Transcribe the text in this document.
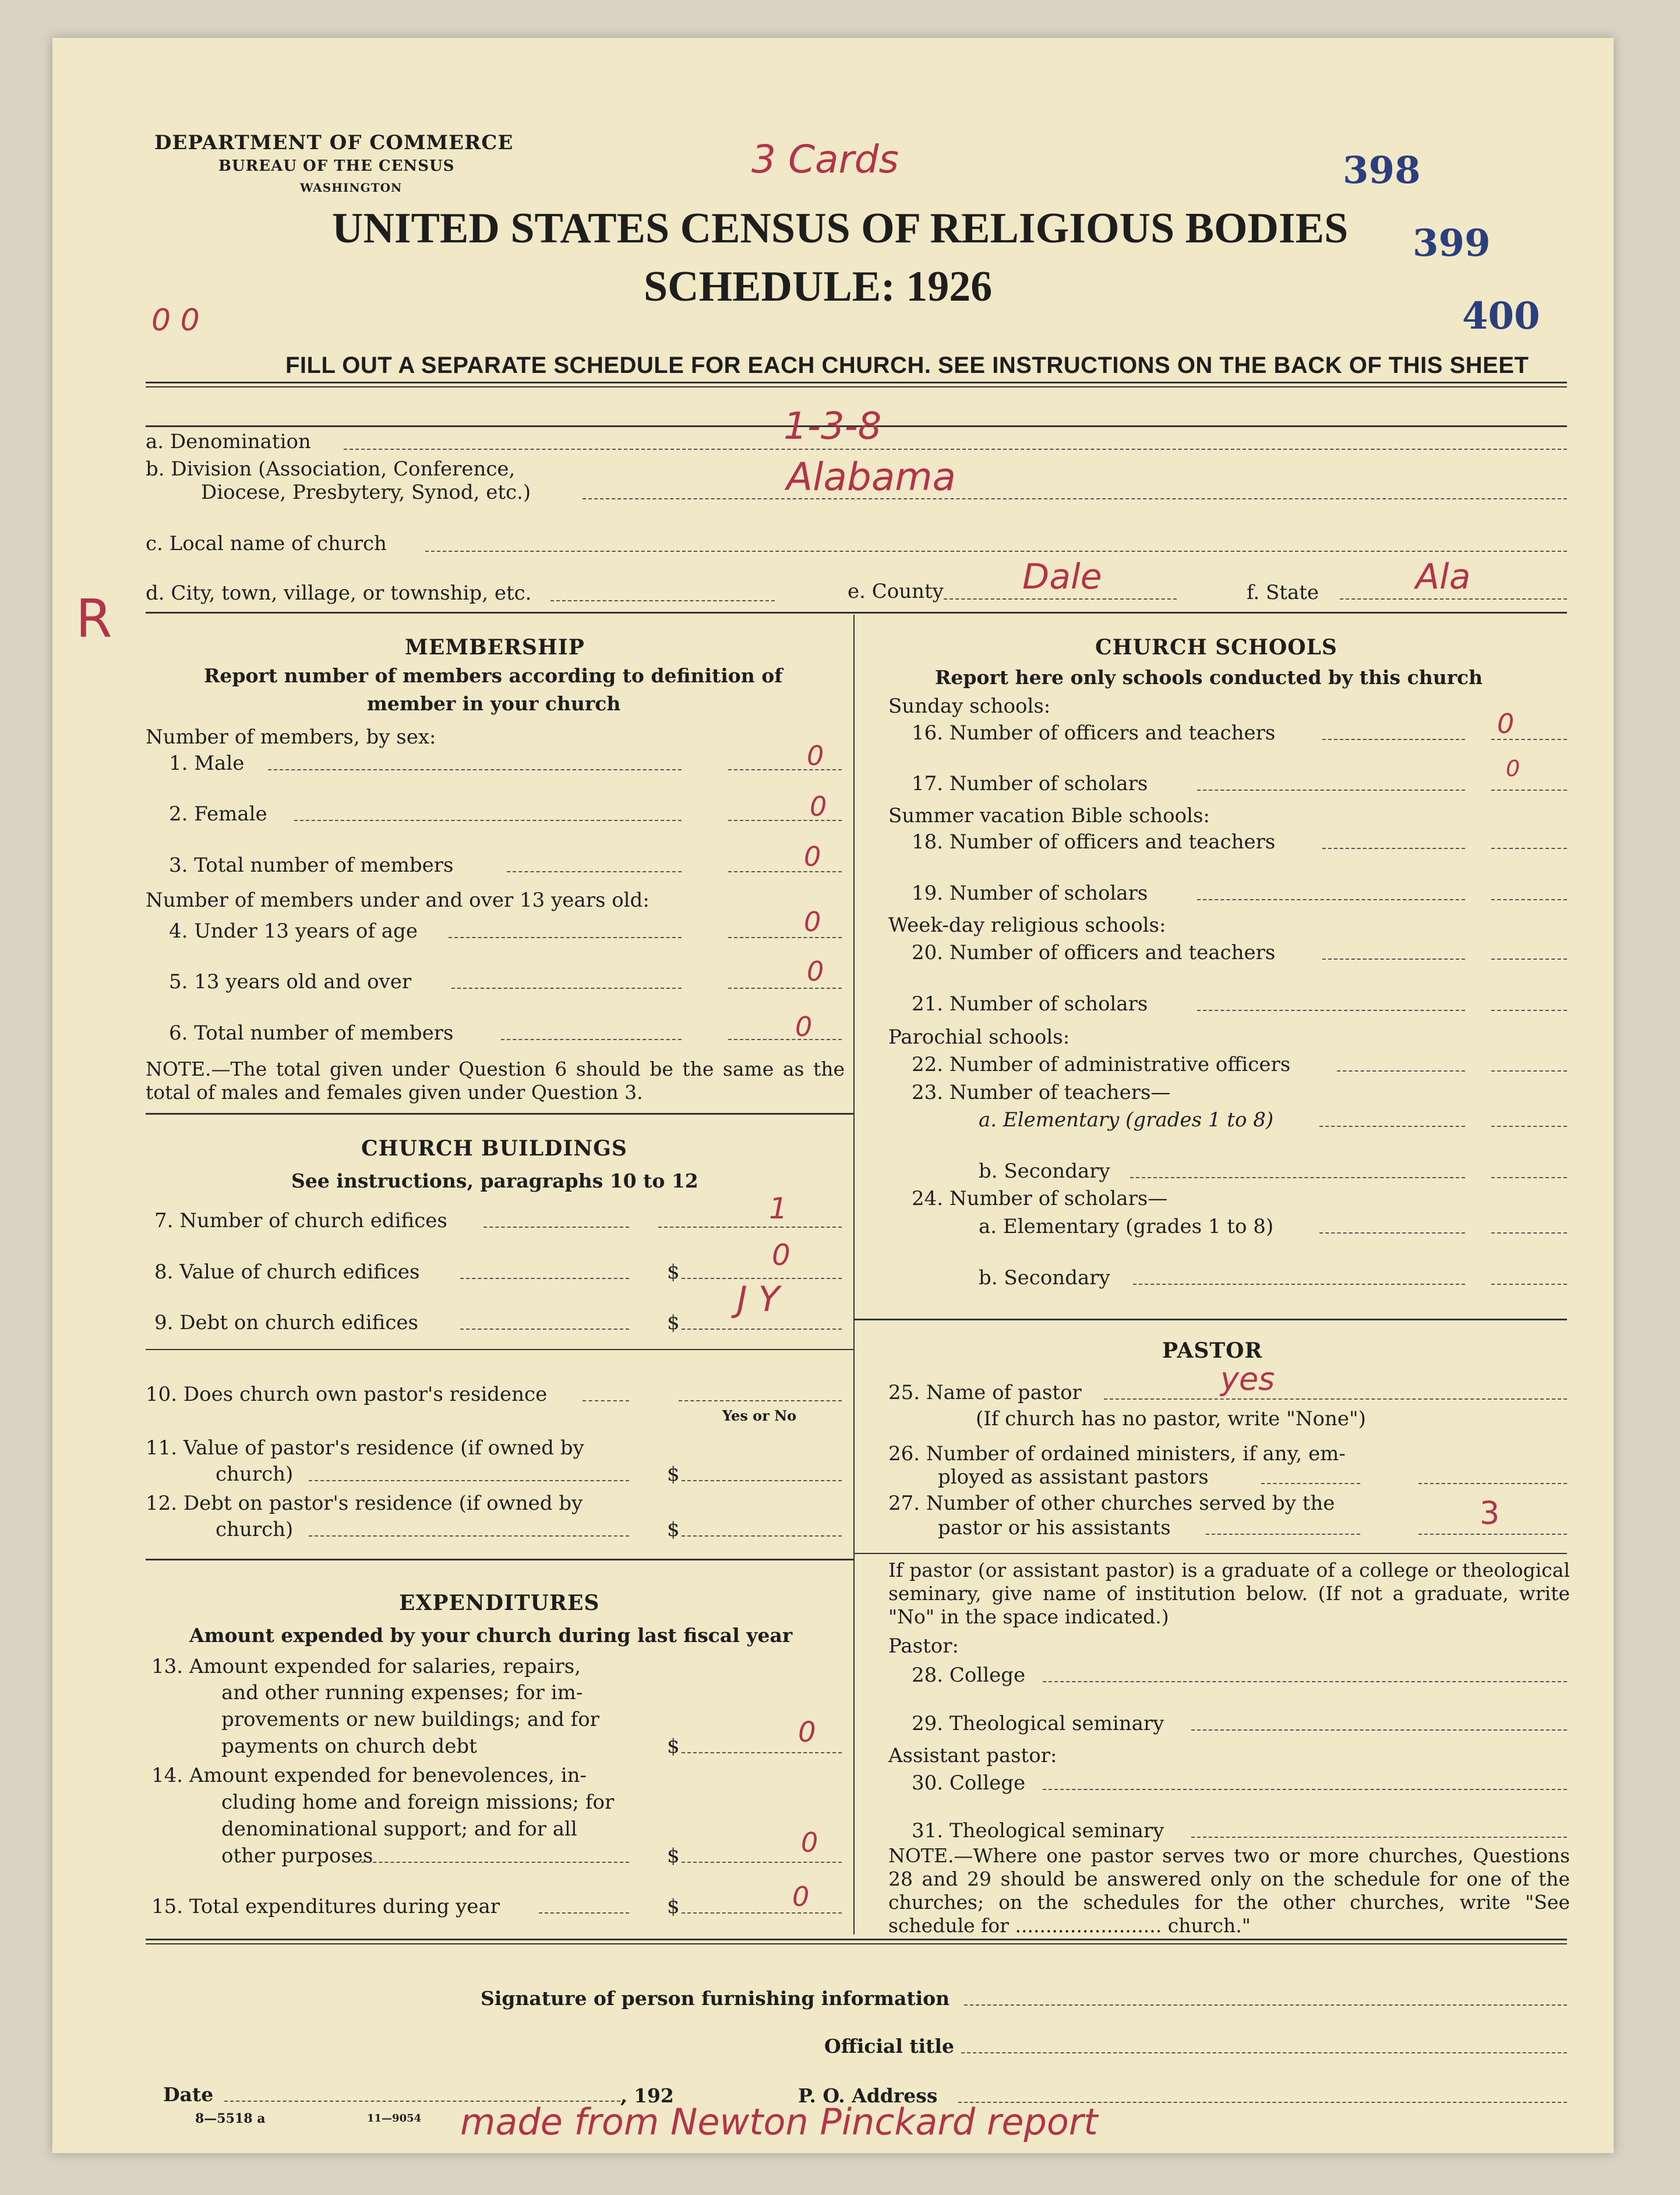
DEPARTMENT OF COMMERCE
BUREAU OF THE CENSUS
WASHINGTON
UNITED STATES CENSUS OF RELIGIOUS BODIES
SCHEDULE: 1926
3 Cards
0 0
R
398
399
400
FILL OUT A SEPARATE SCHEDULE FOR EACH CHURCH. SEE INSTRUCTIONS ON THE BACK OF THIS SHEET
a. Denomination	1-3-8
b. Division (Association, Conference,
Diocese, Presbytery, Synod, etc.)	Alabama
c. Local name of church
d. City, town, village, or township, etc.	e. County Dale	f. State	Ala
MEMBERSHIP
Report number of members according to definition of
member in your church
Number of members, by sex:
1. Male	0
2. Female	0
3. Total number of members	0
Number of members under and over 13 years old:
4. Under 13 years of age	0
5. 13 years old and over	0
6. Total number of members	0
NOTE.—The total given under Question 6 should be the same as the total of males and females given under Question 3.
CHURCH BUILDINGS
See instructions, paragraphs 10 to 12
7. Number of church edifices	1
8. Value of church edifices	$	0
9. Debt on church edifices	$
J Y
10. Does church own pastor's residence
Yes or No
11. Value of pastor's residence (if owned by
church)	$
12. Debt on pastor's residence (if owned by
church)	$
EXPENDITURES
Amount expended by your church during last fiscal year
13. Amount expended for salaries, repairs,
and other running expenses; for im-
provements or new buildings; and for
payments on church debt	$	0
14. Amount expended for benevolences, in-
cluding home and foreign missions; for
denominational support; and for all
other purposes	$	0
15. Total expenditures during year	$	0
CHURCH SCHOOLS
Report here only schools conducted by this church
Sunday schools:
16. Number of officers and teachers	0
17. Number of scholars
0
Summer vacation Bible schools:
18. Number of officers and teachers
19. Number of scholars
Week-day religious schools:
20. Number of officers and teachers
21. Number of scholars
Parochial schools:
22. Number of administrative officers
23. Number of teachers—
a. Elementary (grades 1 to 8)
b. Secondary
24. Number of scholars—
a. Elementary (grades 1 to 8)
b. Secondary
PASTOR
25. Name of pastor	yes
(If church has no pastor, write "None")
26. Number of ordained ministers, if any, em-
ployed as assistant pastors
27. Number of other churches served by the
pastor or his assistants	3
If pastor (or assistant pastor) is a graduate of a college or theological seminary, give name of institution below. (If not a graduate, write "No" in the space indicated.)
Pastor:
28. College
29. Theological seminary
Assistant pastor:
30. College
31. Theological seminary
NOTE.—Where one pastor serves two or more churches, Questions 28 and 29 should be answered only on the schedule for one of the churches; on the schedules for the other churches, write "See schedule for ........................ church."
Signature of person furnishing information
Official title
Date	, 192	P. O. Address
8—5518 a	11—9054 made from Newton Pinckard report
